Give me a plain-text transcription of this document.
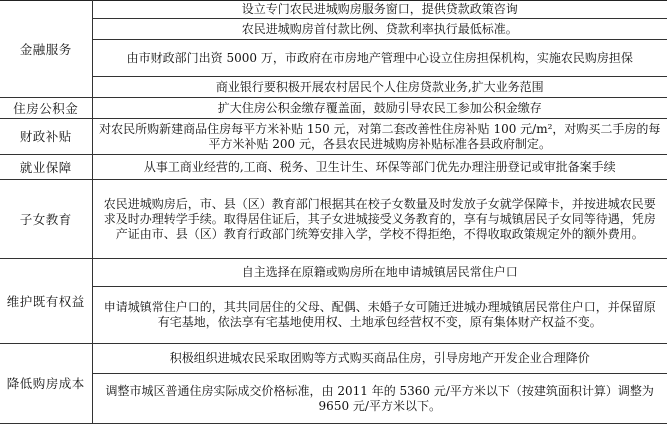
金融服务	设立专门农民进城购房服务窗口，提供贷款政策咨询
	农民进城购房首付款比例、贷款利率执行最低标准。
	由市财政部门出资 5000 万，市政府在市房地产管理中心设立住房担保机构，实施农民购房担保
	商业银行要积极开展农村居民个人住房贷款业务,扩大业务范围
住房公积金	扩大住房公积金缴存覆盖面，鼓励引导农民工参加公积金缴存
财政补贴	对农民所购新建商品住房每平方米补贴 150 元，对第二套改善性住房补贴 100 元/m²，对购买二手房的每平方米补贴 200 元，各县农民进城购房补贴标准各县政府制定。
就业保障	从事工商业经营的,工商、税务、卫生计生、环保等部门优先办理注册登记或审批备案手续
子女教育	农民进城购房后，市、县（区）教育部门根据其在校子女数量及时发放子女就学保障卡，并按进城农民要求及时办理转学手续。取得居住证后，其子女进城接受义务教育的，享有与城镇居民子女同等待遇，凭房产证由市、县（区）教育行政部门统筹安排入学，学校不得拒绝，不得收取政策规定外的额外费用。
维护既有权益	自主选择在原籍或购房所在地申请城镇居民常住户口
	申请城镇常住户口的，其共同居住的父母、配偶、未婚子女可随迁进城办理城镇居民常住户口，并保留原有宅基地，依法享有宅基地使用权、土地承包经营权不变，原有集体财产权益不变。
降低购房成本	积极组织进城农民采取团购等方式购买商品住房，引导房地产开发企业合理降价
	调整市城区普通住房实际成交价格标准，由 2011 年的 5360 元/平方米以下（按建筑面积计算）调整为 9650 元/平方米以下。
